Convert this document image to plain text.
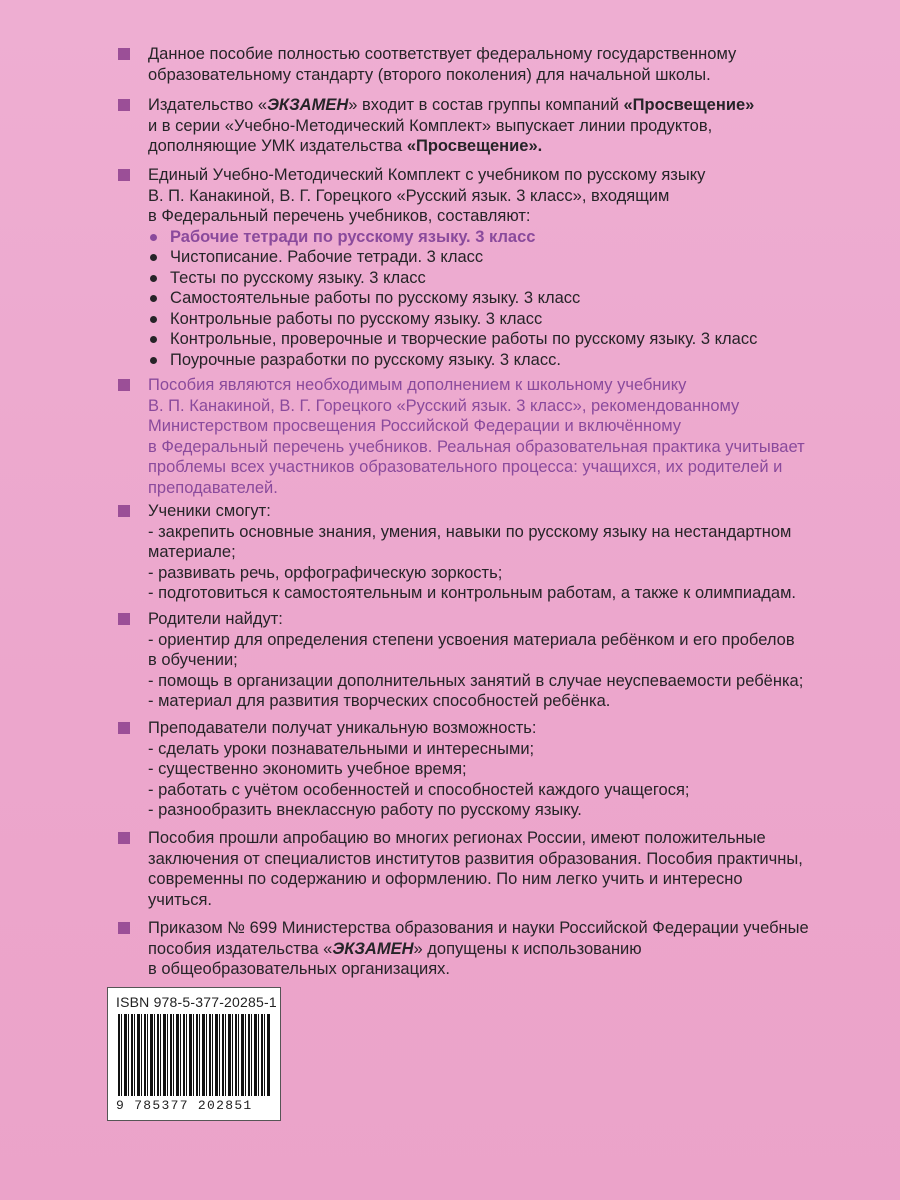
Данное пособие полностью соответствует федеральному государственному
образовательному стандарту (второго поколения) для начальной школы.
Издательство «ЭКЗАМЕН» входит в состав группы компаний «Просвещение»
и в серии «Учебно-Методический Комплект» выпускает линии продуктов,
дополняющие УМК издательства «Просвещение».
Единый Учебно-Методический Комплект с учебником по русскому языку
В. П. Канакиной, В. Г. Горецкого «Русский язык. 3 класс», входящим
в Федеральный перечень учебников, составляют:
Рабочие тетради по русскому языку. 3 класс
Чистописание. Рабочие тетради. 3 класс
Тесты по русскому языку. 3 класс
Самостоятельные работы по русскому языку. 3 класс
Контрольные работы по русскому языку. 3 класс
Контрольные, проверочные и творческие работы по русскому языку. 3 класс
Поурочные разработки по русскому языку. 3 класс.
Пособия являются необходимым дополнением к школьному учебнику
В. П. Канакиной, В. Г. Горецкого «Русский язык. 3 класс», рекомендованному
Министерством просвещения Российской Федерации и включённому
в Федеральный перечень учебников. Реальная образовательная практика учитывает
проблемы всех участников образовательного процесса: учащихся, их родителей и
преподавателей.
Ученики смогут:
- закрепить основные знания, умения, навыки по русскому языку на нестандартном
материале;
- развивать речь, орфографическую зоркость;
- подготовиться к самостоятельным и контрольным работам, а также к олимпиадам.
Родители найдут:
- ориентир для определения степени усвоения материала ребёнком и его пробелов
в обучении;
- помощь в организации дополнительных занятий в случае неуспеваемости ребёнка;
- материал для развития творческих способностей ребёнка.
Преподаватели получат уникальную возможность:
- сделать уроки познавательными и интересными;
- существенно экономить учебное время;
- работать с учётом особенностей и способностей каждого учащегося;
- разнообразить внеклассную работу по русскому языку.
Пособия прошли апробацию во многих регионах России, имеют положительные
заключения от специалистов институтов развития образования. Пособия практичны,
современны по содержанию и оформлению. По ним легко учить и интересно
учиться.
Приказом № 699 Министерства образования и науки Российской Федерации учебные
пособия издательства «ЭКЗАМЕН» допущены к использованию
в общеобразовательных организациях.
ISBN 978-5-377-20285-1
9 785377 202851
